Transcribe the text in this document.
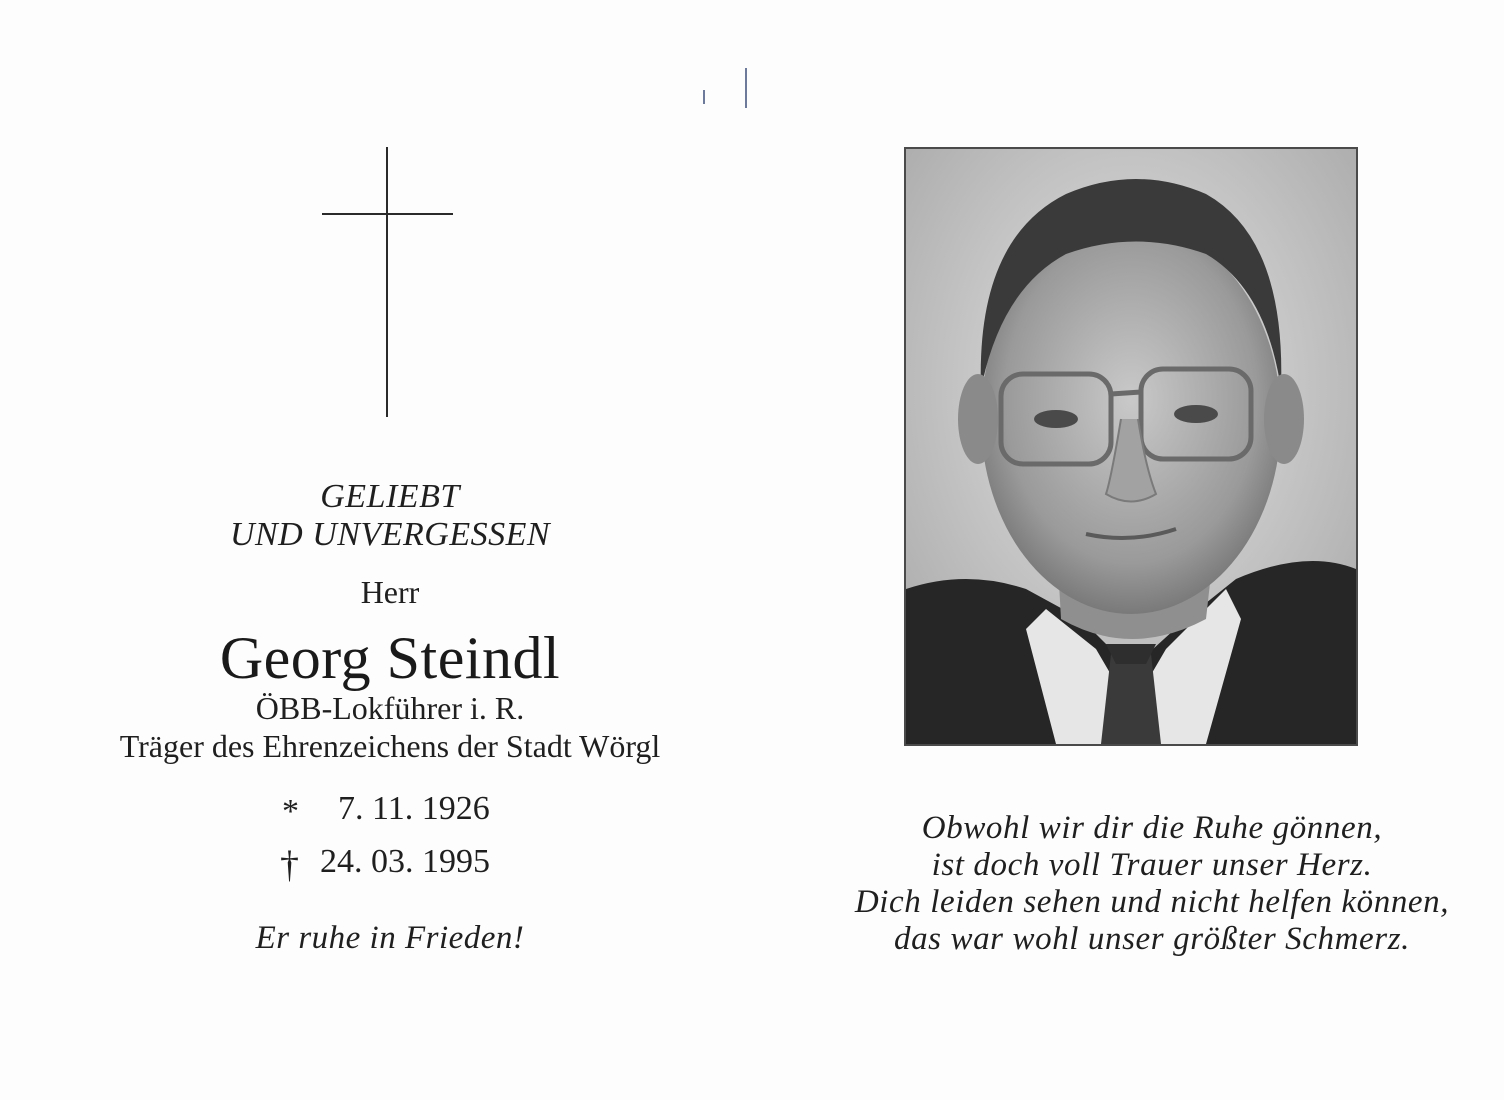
GELIEBT
UND UNVERGESSEN
Herr
Georg Steindl
ÖBB-Lokführer i. R.
Träger des Ehrenzeichens der Stadt Wörgl
* 7. 11. 1926
† 24. 03. 1995
Er ruhe in Frieden!
Obwohl wir dir die Ruhe gönnen,
ist doch voll Trauer unser Herz.
Dich leiden sehen und nicht helfen können,
das war wohl unser größter Schmerz.
